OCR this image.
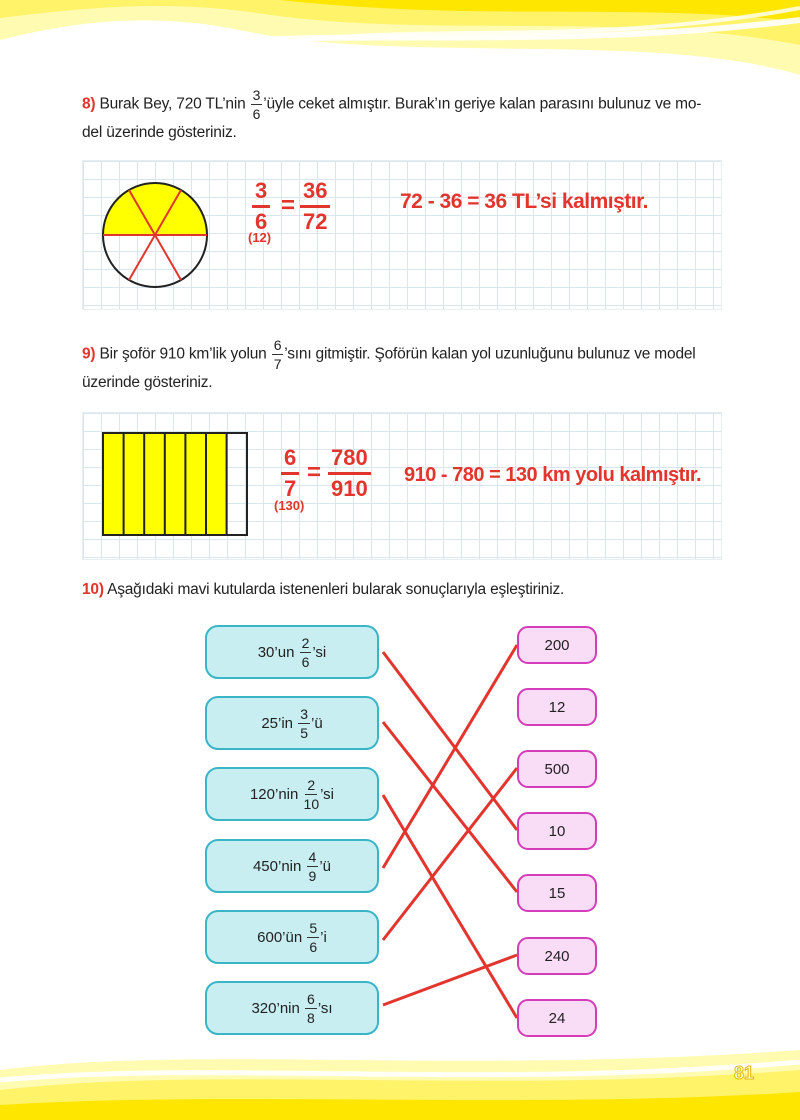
81
8) Burak Bey, 720 TL’nin $\frac{3}{6}$ ’üyle ceket almıştır. Burak’ın geriye kalan parasını bulunuz ve mo-
del üzerinde gösteriniz.
3
6
(12)
=
36
72
72 - 36 = 36 TL’si kalmıştır.
9) Bir şoför 910 km’lik yolun $\frac{6}{7}$ ’sını gitmiştir. Şoförün kalan yol uzunluğunu bulunuz ve model
üzerinde gösteriniz.
6
7
(130)
=
780
910
910 - 780 = 130 km yolu kalmıştır.
10) Aşağıdaki mavi kutularda istenenleri bularak sonuçlarıyla eşleştiriniz.
30’un
$\frac{2}{6}$ ’si
25’in
$\frac{3}{5}$ ’ü
120’nin
$\frac{2}{10}$ ’si
450’nin
$\frac{4}{9}$ ’ü
600’ün
$\frac{5}{6}$ ’i
320’nin
$\frac{6}{8}$ ’sı
200
12
500
10
15
240
24
